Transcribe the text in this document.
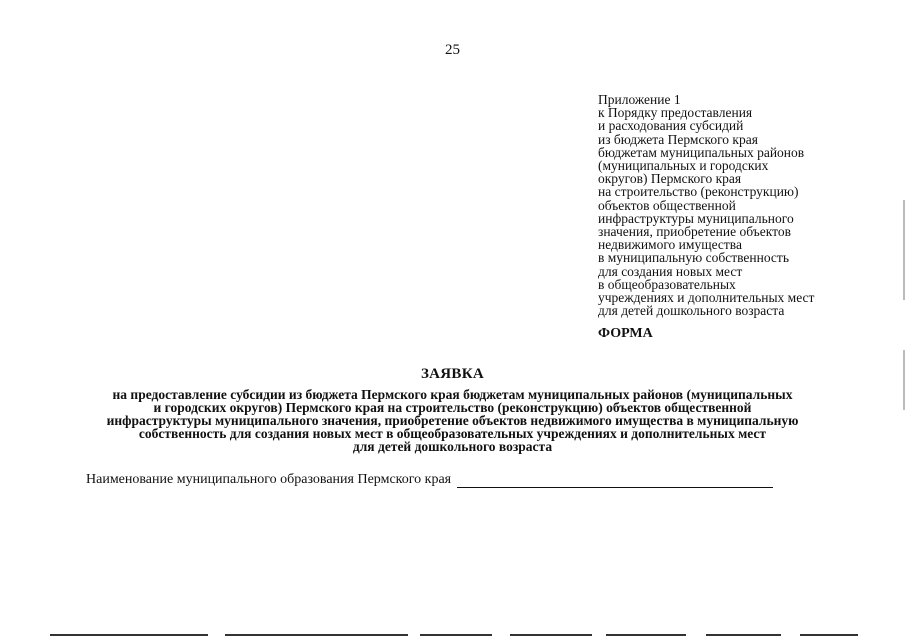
25
Приложение 1
к Порядку предоставления
и расходования субсидий
из бюджета Пермского края
бюджетам муниципальных районов
(муниципальных и городских
округов) Пермского края
на строительство (реконструкцию)
объектов общественной
инфраструктуры муниципального
значения, приобретение объектов
недвижимого имущества
в муниципальную собственность
для создания новых мест
в общеобразовательных
учреждениях и дополнительных мест
для детей дошкольного возраста
ФОРМА
ЗАЯВКА
на предоставление субсидии из бюджета Пермского края бюджетам муниципальных районов (муниципальных
и городских округов) Пермского края на строительство (реконструкцию) объектов общественной
инфраструктуры муниципального значения, приобретение объектов недвижимого имущества в муниципальную
собственность для создания новых мест в общеобразовательных учреждениях и дополнительных мест
для детей дошкольного возраста
Наименование муниципального образования Пермского края
